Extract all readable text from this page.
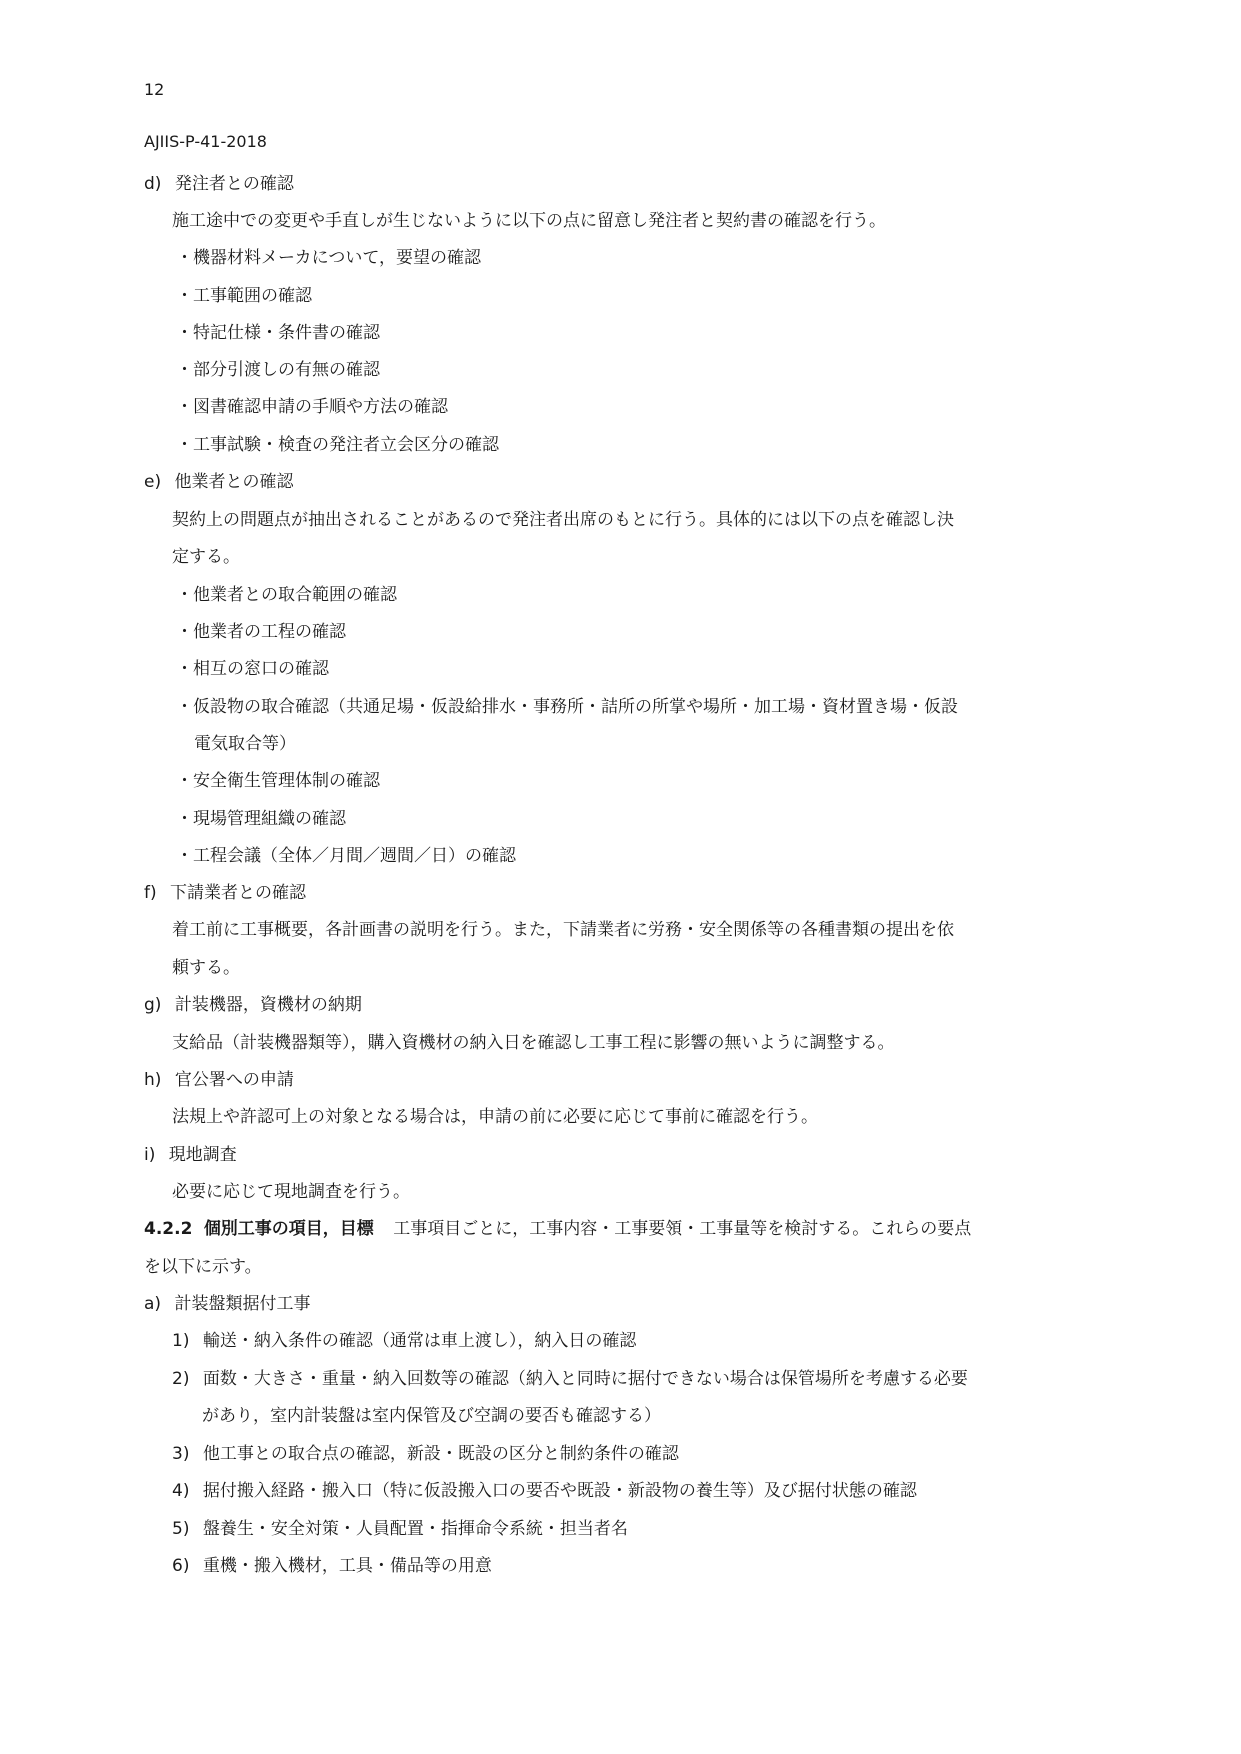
12
AJIIS-P-41-2018
d) 発注者との確認
施工途中での変更や手直しが生じないように以下の点に留意し発注者と契約書の確認を行う。
・機器材料メーカについて，要望の確認
・工事範囲の確認
・特記仕様・条件書の確認
・部分引渡しの有無の確認
・図書確認申請の手順や方法の確認
・工事試験・検査の発注者立会区分の確認
e) 他業者との確認
契約上の問題点が抽出されることがあるので発注者出席のもとに行う。具体的には以下の点を確認し決
定する。
・他業者との取合範囲の確認
・他業者の工程の確認
・相互の窓口の確認
・仮設物の取合確認（共通足場・仮設給排水・事務所・詰所の所掌や場所・加工場・資材置き場・仮設
電気取合等）
・安全衛生管理体制の確認
・現場管理組織の確認
・工程会議（全体／月間／週間／日）の確認
f) 下請業者との確認
着工前に工事概要，各計画書の説明を行う。また，下請業者に労務・安全関係等の各種書類の提出を依
頼する。
g) 計装機器，資機材の納期
支給品（計装機器類等），購入資機材の納入日を確認し工事工程に影響の無いように調整する。
h) 官公署への申請
法規上や許認可上の対象となる場合は，申請の前に必要に応じて事前に確認を行う。
i) 現地調査
必要に応じて現地調査を行う。
4.2.2 個別工事の項目，目標 工事項目ごとに，工事内容・工事要領・工事量等を検討する。これらの要点
を以下に示す。
a) 計装盤類据付工事
1) 輸送・納入条件の確認（通常は車上渡し），納入日の確認
2) 面数・大きさ・重量・納入回数等の確認（納入と同時に据付できない場合は保管場所を考慮する必要
があり，室内計装盤は室内保管及び空調の要否も確認する）
3) 他工事との取合点の確認，新設・既設の区分と制約条件の確認
4) 据付搬入経路・搬入口（特に仮設搬入口の要否や既設・新設物の養生等）及び据付状態の確認
5) 盤養生・安全対策・人員配置・指揮命令系統・担当者名
6) 重機・搬入機材，工具・備品等の用意
